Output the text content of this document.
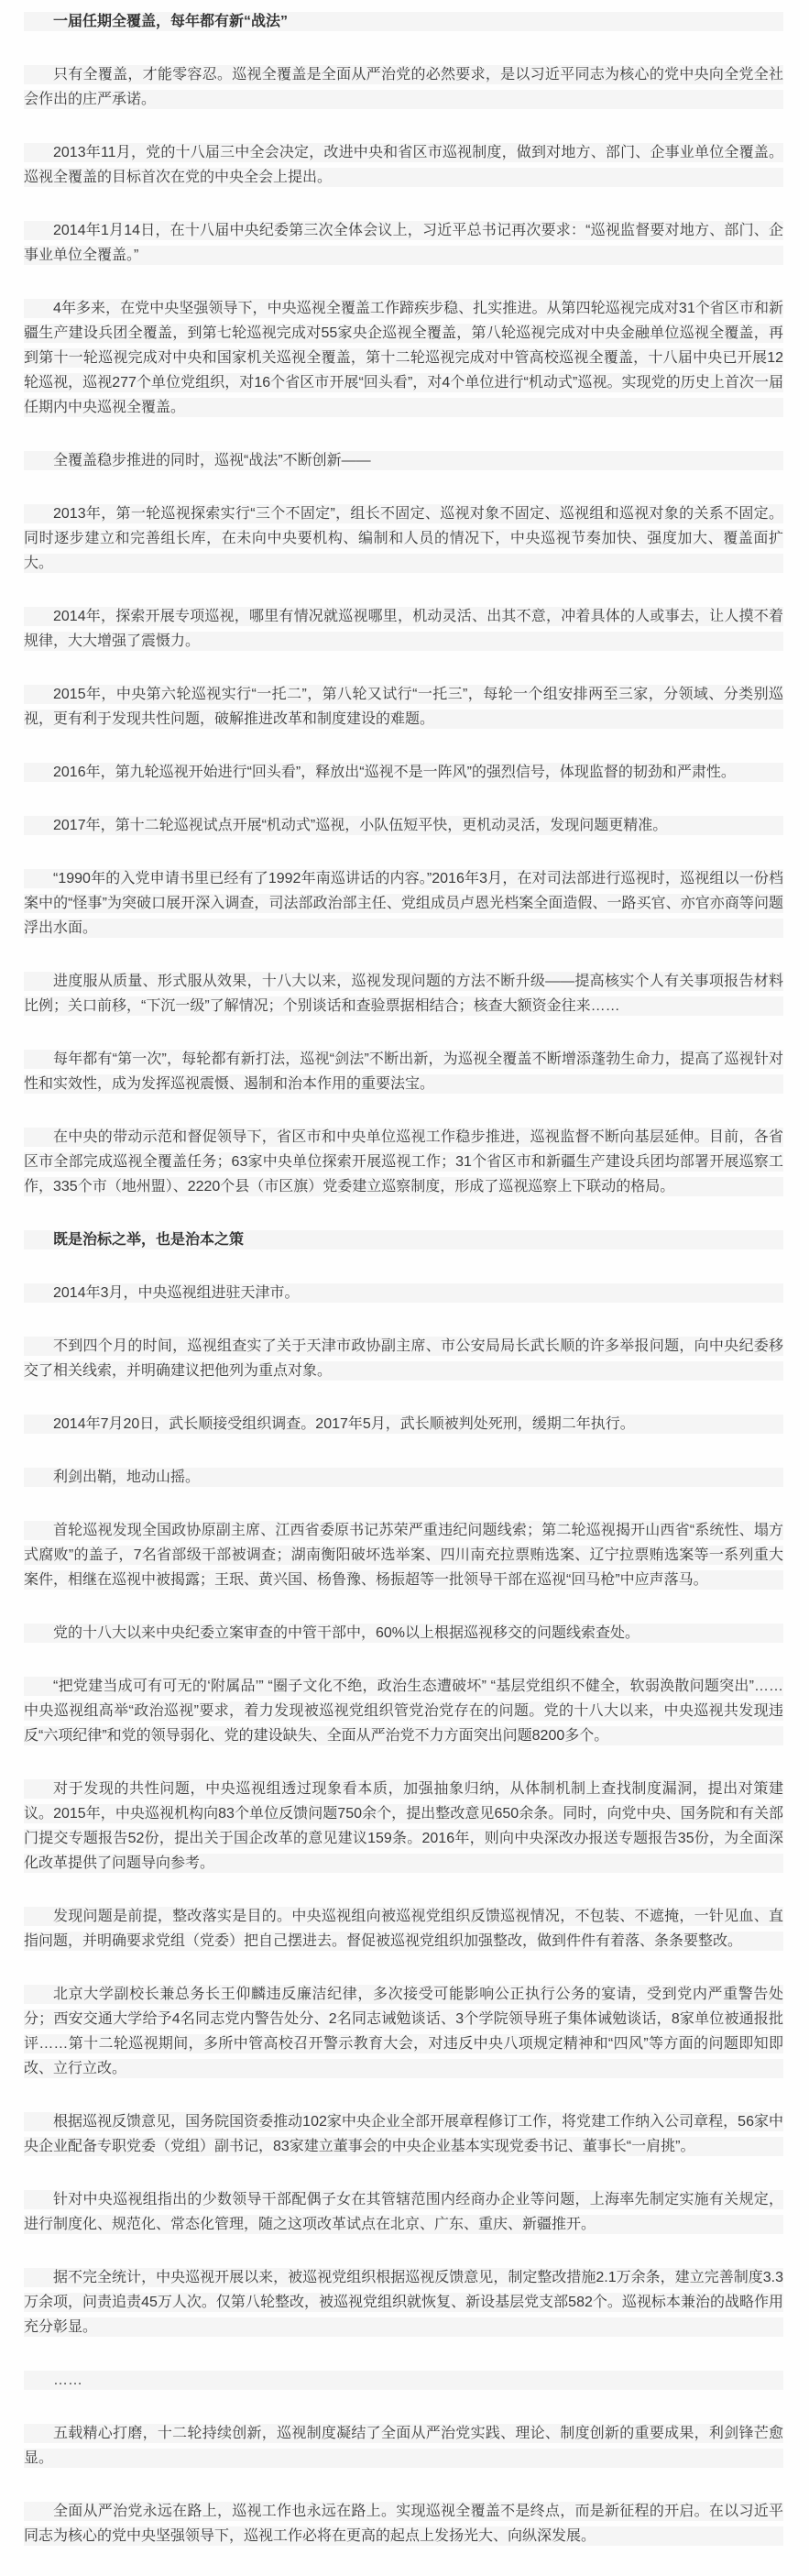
一届任期全覆盖，每年都有新“战法”
只有全覆盖，才能零容忍。巡视全覆盖是全面从严治党的必然要求，是以习近平同志为核心的党中央向全党全社会作出的庄严承诺。
2013年11月，党的十八届三中全会决定，改进中央和省区市巡视制度，做到对地方、部门、企事业单位全覆盖。巡视全覆盖的目标首次在党的中央全会上提出。
2014年1月14日，在十八届中央纪委第三次全体会议上，习近平总书记再次要求：“巡视监督要对地方、部门、企事业单位全覆盖。”
4年多来，在党中央坚强领导下，中央巡视全覆盖工作蹄疾步稳、扎实推进。从第四轮巡视完成对31个省区市和新疆生产建设兵团全覆盖，到第七轮巡视完成对55家央企巡视全覆盖，第八轮巡视完成对中央金融单位巡视全覆盖，再到第十一轮巡视完成对中央和国家机关巡视全覆盖，第十二轮巡视完成对中管高校巡视全覆盖，十八届中央已开展12轮巡视，巡视277个单位党组织，对16个省区市开展“回头看”，对4个单位进行“机动式”巡视。实现党的历史上首次一届任期内中央巡视全覆盖。
全覆盖稳步推进的同时，巡视“战法”不断创新——
2013年，第一轮巡视探索实行“三个不固定”，组长不固定、巡视对象不固定、巡视组和巡视对象的关系不固定。同时逐步建立和完善组长库，在未向中央要机构、编制和人员的情况下，中央巡视节奏加快、强度加大、覆盖面扩大。
2014年，探索开展专项巡视，哪里有情况就巡视哪里，机动灵活、出其不意，冲着具体的人或事去，让人摸不着规律，大大增强了震慑力。
2015年，中央第六轮巡视实行“一托二”，第八轮又试行“一托三”，每轮一个组安排两至三家，分领域、分类别巡视，更有利于发现共性问题，破解推进改革和制度建设的难题。
2016年，第九轮巡视开始进行“回头看”，释放出“巡视不是一阵风”的强烈信号，体现监督的韧劲和严肃性。
2017年，第十二轮巡视试点开展“机动式”巡视，小队伍短平快，更机动灵活，发现问题更精准。
“1990年的入党申请书里已经有了1992年南巡讲话的内容。”2016年3月，在对司法部进行巡视时，巡视组以一份档案中的“怪事”为突破口展开深入调查，司法部政治部主任、党组成员卢恩光档案全面造假、一路买官、亦官亦商等问题浮出水面。
进度服从质量、形式服从效果，十八大以来，巡视发现问题的方法不断升级——提高核实个人有关事项报告材料比例；关口前移，“下沉一级”了解情况；个别谈话和查验票据相结合；核查大额资金往来……
每年都有“第一次”，每轮都有新打法，巡视“剑法”不断出新，为巡视全覆盖不断增添蓬勃生命力，提高了巡视针对性和实效性，成为发挥巡视震慑、遏制和治本作用的重要法宝。
在中央的带动示范和督促领导下，省区市和中央单位巡视工作稳步推进，巡视监督不断向基层延伸。目前，各省区市全部完成巡视全覆盖任务；63家中央单位探索开展巡视工作；31个省区市和新疆生产建设兵团均部署开展巡察工作，335个市（地州盟）、2220个县（市区旗）党委建立巡察制度，形成了巡视巡察上下联动的格局。
既是治标之举，也是治本之策
2014年3月，中央巡视组进驻天津市。
不到四个月的时间，巡视组查实了关于天津市政协副主席、市公安局局长武长顺的许多举报问题，向中央纪委移交了相关线索，并明确建议把他列为重点对象。
2014年7月20日，武长顺接受组织调查。2017年5月，武长顺被判处死刑，缓期二年执行。
利剑出鞘，地动山摇。
首轮巡视发现全国政协原副主席、江西省委原书记苏荣严重违纪问题线索；第二轮巡视揭开山西省“系统性、塌方式腐败”的盖子，7名省部级干部被调查；湖南衡阳破坏选举案、四川南充拉票贿选案、辽宁拉票贿选案等一系列重大案件，相继在巡视中被揭露；王珉、黄兴国、杨鲁豫、杨振超等一批领导干部在巡视“回马枪”中应声落马。
党的十八大以来中央纪委立案审查的中管干部中，60%以上根据巡视移交的问题线索查处。
“把党建当成可有可无的‘附属品’” “圈子文化不绝，政治生态遭破坏” “基层党组织不健全，软弱涣散问题突出”……中央巡视组高举“政治巡视”要求，着力发现被巡视党组织管党治党存在的问题。党的十八大以来，中央巡视共发现违反“六项纪律”和党的领导弱化、党的建设缺失、全面从严治党不力方面突出问题8200多个。
对于发现的共性问题，中央巡视组透过现象看本质，加强抽象归纳，从体制机制上查找制度漏洞，提出对策建议。2015年，中央巡视机构向83个单位反馈问题750余个，提出整改意见650余条。同时，向党中央、国务院和有关部门提交专题报告52份，提出关于国企改革的意见建议159条。2016年，则向中央深改办报送专题报告35份，为全面深化改革提供了问题导向参考。
发现问题是前提，整改落实是目的。中央巡视组向被巡视党组织反馈巡视情况，不包装、不遮掩，一针见血、直指问题，并明确要求党组（党委）把自己摆进去。督促被巡视党组织加强整改，做到件件有着落、条条要整改。
北京大学副校长兼总务长王仰麟违反廉洁纪律，多次接受可能影响公正执行公务的宴请，受到党内严重警告处分；西安交通大学给予4名同志党内警告处分、2名同志诫勉谈话、3个学院领导班子集体诫勉谈话，8家单位被通报批评……第十二轮巡视期间，多所中管高校召开警示教育大会，对违反中央八项规定精神和“四风”等方面的问题即知即改、立行立改。
根据巡视反馈意见，国务院国资委推动102家中央企业全部开展章程修订工作，将党建工作纳入公司章程，56家中央企业配备专职党委（党组）副书记，83家建立董事会的中央企业基本实现党委书记、董事长“一肩挑”。
针对中央巡视组指出的少数领导干部配偶子女在其管辖范围内经商办企业等问题，上海率先制定实施有关规定，进行制度化、规范化、常态化管理，随之这项改革试点在北京、广东、重庆、新疆推开。
据不完全统计，中央巡视开展以来，被巡视党组织根据巡视反馈意见，制定整改措施2.1万余条，建立完善制度3.3万余项，问责追责45万人次。仅第八轮整改，被巡视党组织就恢复、新设基层党支部582个。巡视标本兼治的战略作用充分彰显。
……
五载精心打磨，十二轮持续创新，巡视制度凝结了全面从严治党实践、理论、制度创新的重要成果，利剑锋芒愈显。
全面从严治党永远在路上，巡视工作也永远在路上。实现巡视全覆盖不是终点，而是新征程的开启。在以习近平同志为核心的党中央坚强领导下，巡视工作必将在更高的起点上发扬光大、向纵深发展。
